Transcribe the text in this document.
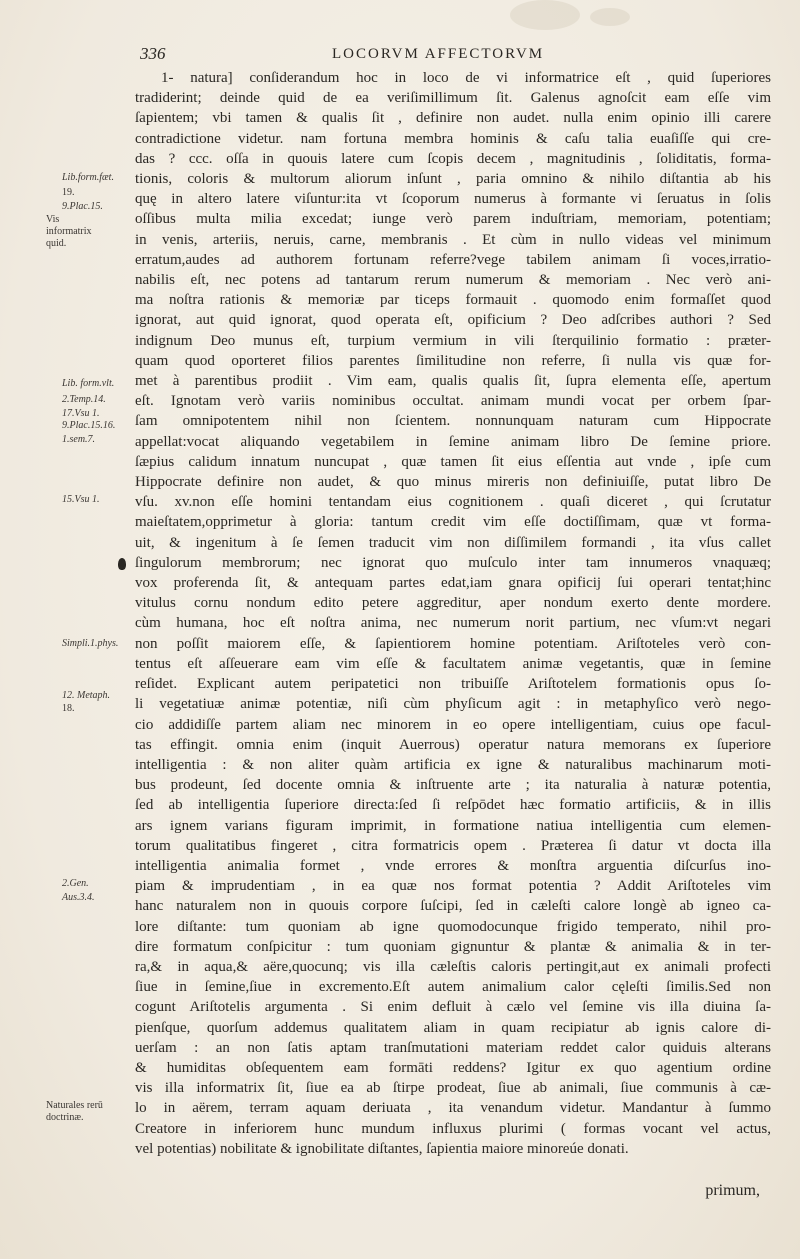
336	LOCORVM AFFECTORVM
Lib.form.fæt.
19.
9.Plac.15.
Vis informatrix quid.
Lib. form.vlt.
2.Temp.14.
17.Vsu 1.
9.Plac.15.16.
1.sem.7.
15.Vsu 1.
Simpli.1.phys.
12. Metaph.
18.
2.Gen.
Aus.3.4.
Naturales rerū doctrinæ.
1- natura] conſiderandum hoc in loco de vi informatrice eſt , quid ſuperiores
tradiderint; deinde quid de ea veriſimillimum ſit. Galenus agnoſcit eam eſſe vim
ſapientem; vbi tamen & qualis ſit , definire non audet. nulla enim opinio illi carere
contradictione videtur. nam fortuna membra hominis & caſu talia euaſiſſe qui cre-
das ? ccc. oſſa in quouis latere cum ſcopis decem , magnitudinis , ſoliditatis, forma-
tionis, coloris & multorum aliorum inſunt , paria omnino & nihilo diſtantia ab his
quę in altero latere viſuntur:ita vt ſcoporum numerus à formante vi ſeruatus in ſolis
oſſibus multa milia excedat; iunge verò parem induſtriam, memoriam, potentiam;
in venis, arteriis, neruis, carne, membranis . Et cùm in nullo videas vel minimum
erratum,audes ad authorem fortunam referre?vege tabilem animam ſi voces,irratio-
nabilis eſt, nec potens ad tantarum rerum numerum & memoriam . Nec verò ani-
ma noſtra rationis & memoriæ par ticeps formauit . quomodo enim formaſſet quod
ignorat, aut quid ignorat, quod operata eſt, opificium ? Deo adſcribes authori ? Sed
indignum Deo munus eſt, turpium vermium in vili ſterquilinio formatio : præter-
quam quod oporteret filios parentes ſimilitudine non referre, ſi nulla vis quæ for-
met à parentibus prodiit . Vim eam, qualis qualis ſit, ſupra elementa eſſe, apertum
eſt. Ignotam verò variis nominibus occultat. animam mundi vocat per orbem ſpar-
ſam omnipotentem nihil non ſcientem. nonnunquam naturam cum Hippocrate
appellat:vocat aliquando vegetabilem in ſemine animam libro De ſemine priore.
ſæpius calidum innatum nuncupat , quæ tamen ſit eius eſſentia aut vnde , ipſe cum
Hippocrate definire non audet, & quo minus mireris non definiuiſſe, putat libro De
vſu. xv.non eſſe homini tentandam eius cognitionem . quaſi diceret , qui ſcrutatur
maieſtatem,opprimetur à gloria: tantum credit vim eſſe doctiſſimam, quæ vt forma-
uit, & ingenitum à ſe ſemen traducit vim non diſſimilem formandi , ita vſus callet
ſingulorum membrorum; nec ignorat quo muſculo inter tam innumeros vnaquæq;
vox proferenda ſit, & antequam partes edat,iam gnara opificij ſui operari tentat;hinc
vitulus cornu nondum edito petere aggreditur, aper nondum exerto dente mordere.
cùm humana, hoc eſt noſtra anima, nec numerum norit partium, nec vſum:vt negari
non poſſit maiorem eſſe, & ſapientiorem homine potentiam. Ariſtoteles verò con-
tentus eſt aſſeuerare eam vim eſſe & facultatem animæ vegetantis, quæ in ſemine
reſidet. Explicant autem peripatetici non tribuiſſe Ariſtotelem formationis opus ſo-
li vegetatiuæ animæ potentiæ, niſi cùm phyſicum agit : in metaphyſico verò nego-
cio addidiſſe partem aliam nec minorem in eo opere intelligentiam, cuius ope facul-
tas effingit. omnia enim (inquit Auerrous) operatur natura memorans ex ſuperiore
intelligentia : & non aliter quàm artificia ex igne & naturalibus machinarum moti-
bus prodeunt, ſed docente omnia & inſtruente arte ; ita naturalia à naturæ potentia,
ſed ab intelligentia ſuperiore directa:ſed ſi reſpōdet hæc formatio artificiis, & in illis
ars ignem varians figuram imprimit, in formatione natiua intelligentia cum elemen-
torum qualitatibus fingeret , citra formatricis opem . Præterea ſi datur vt docta illa
intelligentia animalia formet , vnde errores & monſtra arguentia diſcurſus ino-
piam & imprudentiam , in ea quæ nos format potentia ? Addit Ariſtoteles vim
hanc naturalem non in quouis corpore ſuſcipi, ſed in cæleſti calore longè ab igneo ca-
lore diſtante: tum quoniam ab igne quomodocunque frigido temperato, nihil pro-
dire formatum conſpicitur : tum quoniam gignuntur & plantæ & animalia & in ter-
ra,& in aqua,& aëre,quocunq; vis illa cæleſtis caloris pertingit,aut ex animali profecti
ſiue in ſemine,ſiue in excremento.Eſt autem animalium calor cęleſti ſimilis.Sed non
cogunt Ariſtotelis argumenta . Si enim defluit à cælo vel ſemine vis illa diuina ſa-
pienſque, quorſum addemus qualitatem aliam in quam recipiatur ab ignis calore di-
uerſam : an non ſatis aptam tranſmutationi materiam reddet calor quiduis alterans
& humiditas obſequentem eam formāti reddens? Igitur ex quo agentium ordine
vis illa informatrix ſit, ſiue ea ab ſtirpe prodeat, ſiue ab animali, ſiue communis à cæ-
lo in aërem, terram aquam deriuata , ita venandum videtur. Mandantur à ſummo
Creatore in inferiorem hunc mundum influxus plurimi ( formas vocant vel actus,
vel potentias) nobilitate & ignobilitate diſtantes, ſapientia maiore minoreúe donati.
primum,
